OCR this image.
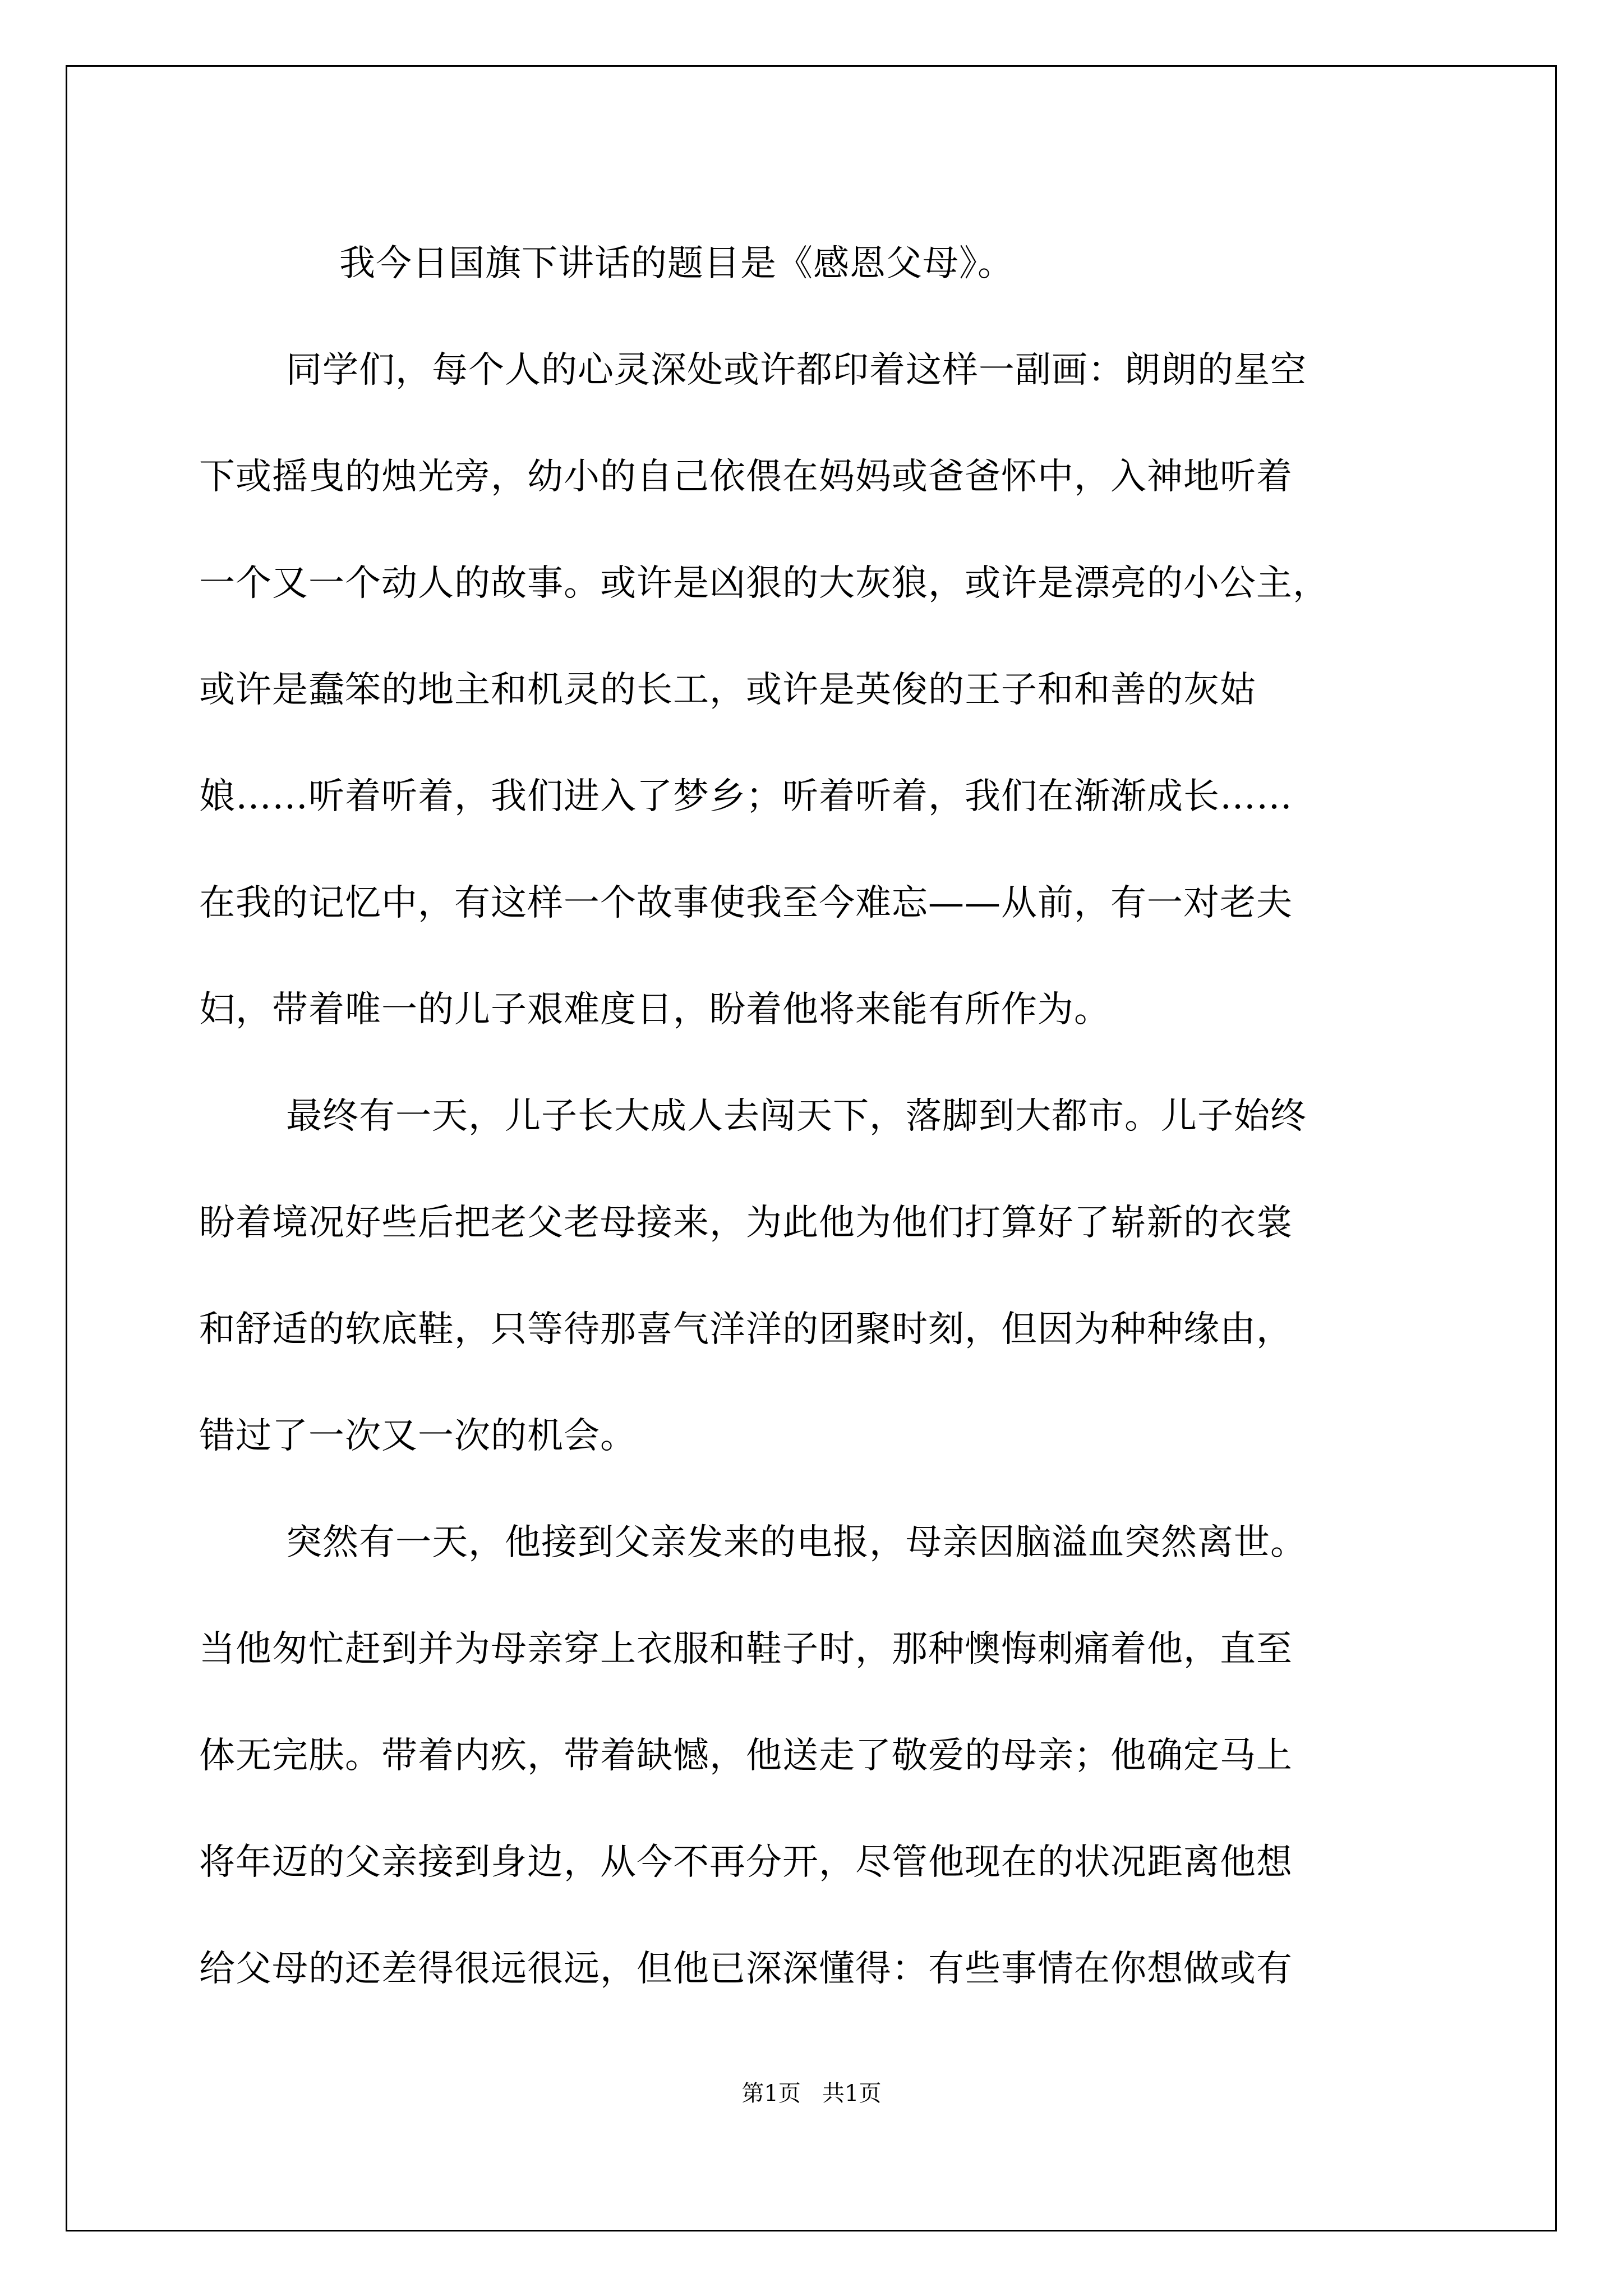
我今日国旗下讲话的题目是《感恩父母》。
同学们，每个人的心灵深处或许都印着这样一副画：朗朗的星空
下或摇曳的烛光旁，幼小的自己依偎在妈妈或爸爸怀中，入神地听着
一个又一个动人的故事。或许是凶狠的大灰狼，或许是漂亮的小公主，
或许是蠢笨的地主和机灵的长工，或许是英俊的王子和和善的灰姑
娘……听着听着，我们进入了梦乡；听着听着，我们在渐渐成长……
在我的记忆中，有这样一个故事使我至今难忘——从前，有一对老夫
妇，带着唯一的儿子艰难度日，盼着他将来能有所作为。
最终有一天，儿子长大成人去闯天下，落脚到大都市。儿子始终
盼着境况好些后把老父老母接来，为此他为他们打算好了崭新的衣裳
和舒适的软底鞋，只等待那喜气洋洋的团聚时刻，但因为种种缘由，
错过了一次又一次的机会。
突然有一天，他接到父亲发来的电报，母亲因脑溢血突然离世。
当他匆忙赶到并为母亲穿上衣服和鞋子时，那种懊悔刺痛着他，直至
体无完肤。带着内疚，带着缺憾，他送走了敬爱的母亲；他确定马上
将年迈的父亲接到身边，从今不再分开，尽管他现在的状况距离他想
给父母的还差得很远很远，但他已深深懂得：有些事情在你想做或有
第1页   共1页
